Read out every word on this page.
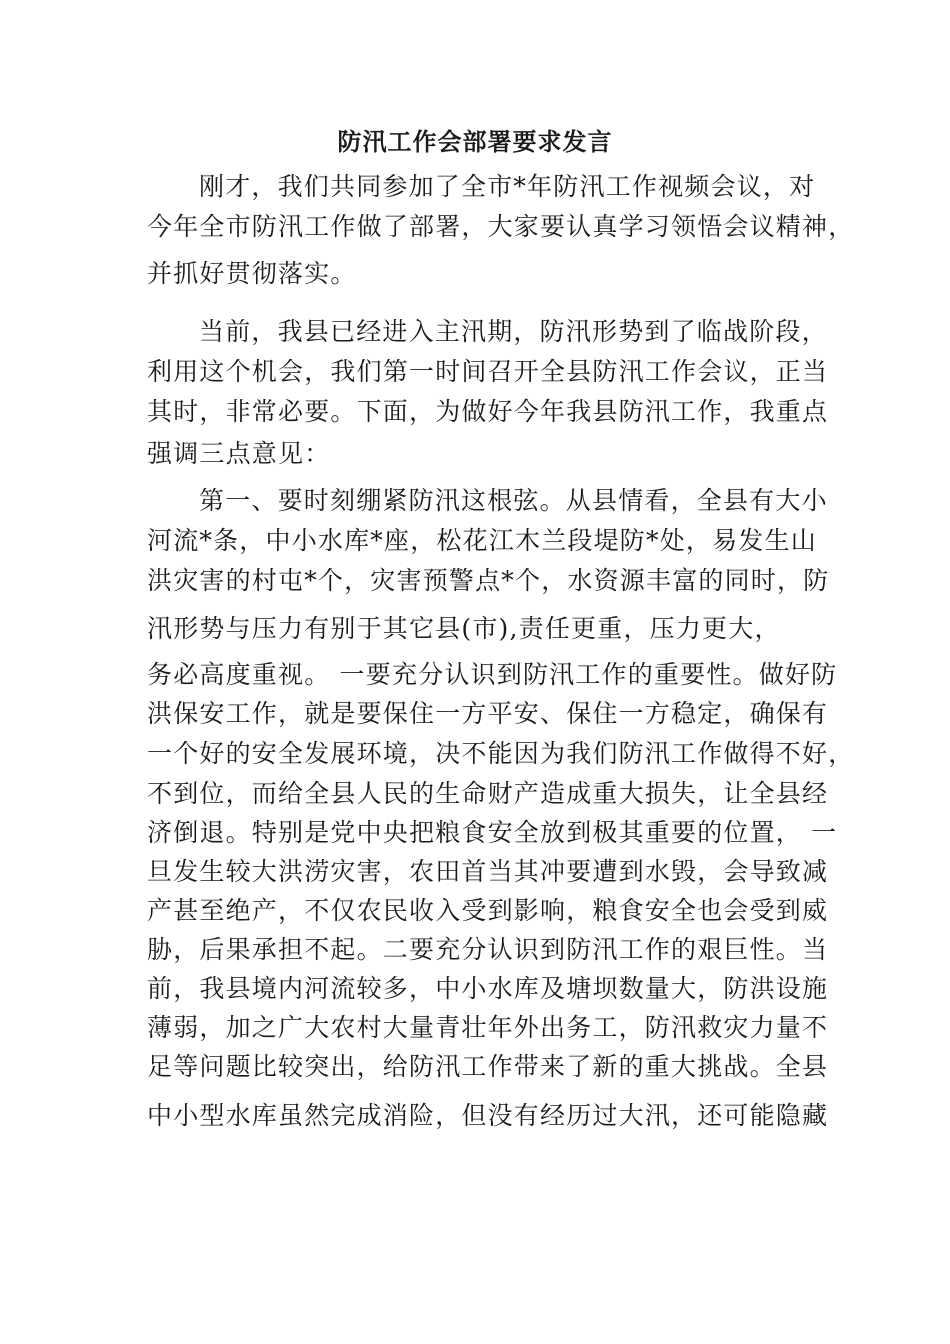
防汛工作会部署要求发言
刚才，我们共同参加了全市*年防汛工作视频会议，对
今年全市防汛工作做了部署，大家要认真学习领悟会议精神，
并抓好贯彻落实。
当前，我县已经进入主汛期，防汛形势到了临战阶段，
利用这个机会，我们第一时间召开全县防汛工作会议，正当
其时，非常必要。下面，为做好今年我县防汛工作，我重点
强调三点意见：
第一、要时刻绷紧防汛这根弦。从县情看，全县有大小
河流*条，中小水库*座，松花江木兰段堤防*处，易发生山
洪灾害的村屯*个，灾害预警点*个，水资源丰富的同时，防
汛形势与压力有别于其它县(市),责任更重，压力更大，
务必高度重视。 一要充分认识到防汛工作的重要性。做好防
洪保安工作，就是要保住一方平安、保住一方稳定，确保有
一个好的安全发展环境，决不能因为我们防汛工作做得不好，
不到位，而给全县人民的生命财产造成重大损失，让全县经
济倒退。特别是党中央把粮食安全放到极其重要的位置， 一
旦发生较大洪涝灾害，农田首当其冲要遭到水毁，会导致减
产甚至绝产，不仅农民收入受到影响，粮食安全也会受到威
胁，后果承担不起。二要充分认识到防汛工作的艰巨性。当
前，我县境内河流较多，中小水库及塘坝数量大，防洪设施
薄弱，加之广大农村大量青壮年外出务工，防汛救灾力量不
足等问题比较突出，给防汛工作带来了新的重大挑战。全县
中小型水库虽然完成消险，但没有经历过大汛，还可能隐藏
